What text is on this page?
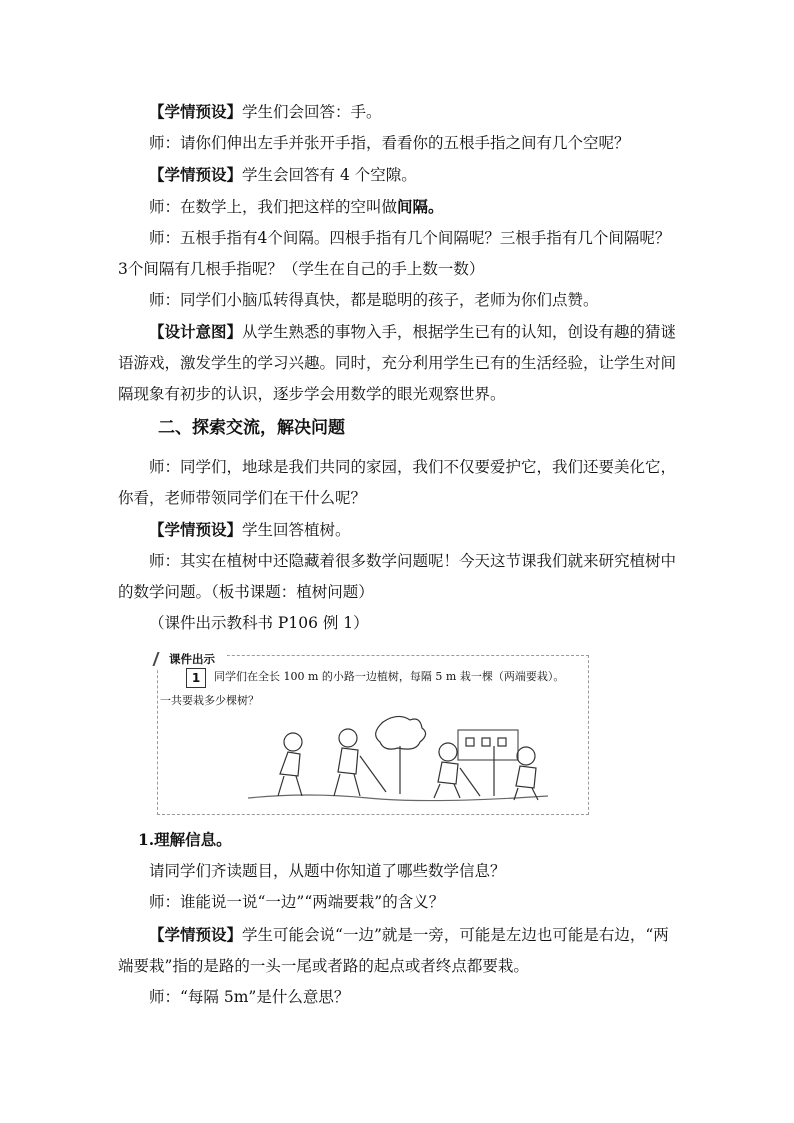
【学情预设】学生们会回答：手。

师：请你们伸出左手并张开手指，看看你的五根手指之间有几个空呢？

【学情预设】学生会回答有 4 个空隙。

师：在数学上，我们把这样的空叫做间隔。

师：五根手指有4个间隔。四根手指有几个间隔呢？三根手指有几个间隔呢？3个间隔有几根手指呢？（学生在自己的手上数一数）

师：同学们小脑瓜转得真快，都是聪明的孩子，老师为你们点赞。

【设计意图】从学生熟悉的事物入手，根据学生已有的认知，创设有趣的猜谜语游戏，激发学生的学习兴趣。同时，充分利用学生已有的生活经验，让学生对间隔现象有初步的认识，逐步学会用数学的眼光观察世界。

二、探索交流，解决问题

师：同学们，地球是我们共同的家园，我们不仅要爱护它，我们还要美化它，你看，老师带领同学们在干什么呢？

【学情预设】学生回答植树。

师：其实在植树中还隐藏着很多数学问题呢！今天这节课我们就来研究植树中的数学问题。（板书课题：植树问题）

（课件出示教科书 P106 例 1）

课件出示
1	同学们在全长 100 m 的小路一边植树，每隔 5 m 栽一棵（两端要栽）。
一共要栽多少棵树？

1.理解信息。

请同学们齐读题目，从题中你知道了哪些数学信息？

师：谁能说一说“一边”“两端要栽”的含义？

【学情预设】学生可能会说“一边”就是一旁，可能是左边也可能是右边，“两端要栽”指的是路的一头一尾或者路的起点或者终点都要栽。

师：“每隔 5m”是什么意思？
